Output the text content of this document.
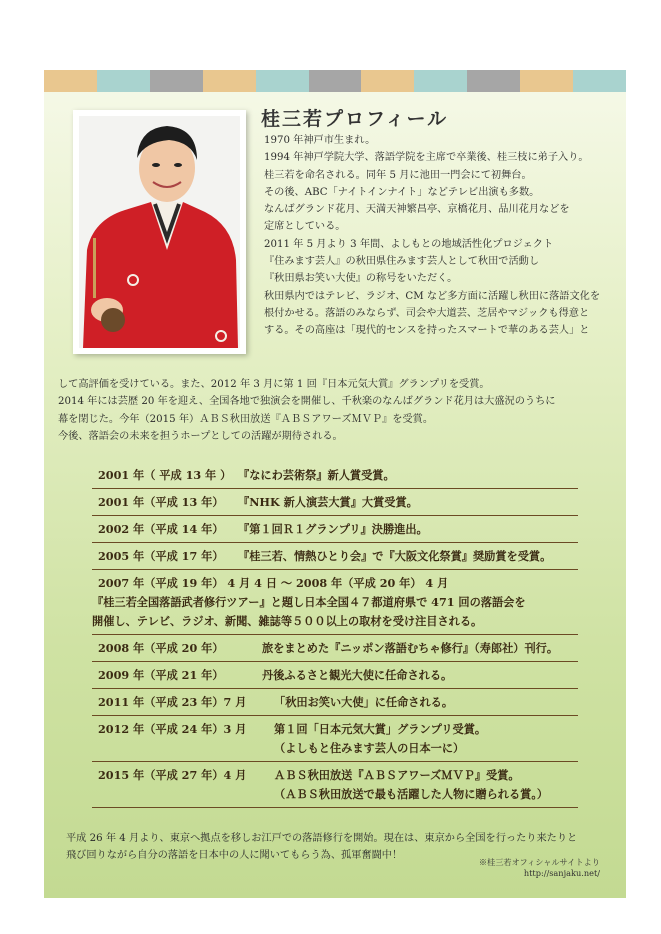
桂三若プロフィール
1970 年神戸市生まれ。
1994 年神戸学院大学、落語学院を主席で卒業後、桂三枝に弟子入り。
桂三若を命名される。同年 5 月に池田一門会にて初舞台。
その後、ABC「ナイトインナイト」などテレビ出演も多数。
なんばグランド花月、天満天神繁昌亭、京橋花月、品川花月などを
定席としている。
2011 年 5 月より 3 年間、よしもとの地域活性化プロジェクト
『住みます芸人』の秋田県住みます芸人として秋田で活動し
『秋田県お笑い大使』の称号をいただく。
秋田県内ではテレビ、ラジオ、CM など多方面に活躍し秋田に落語文化を
根付かせる。落語のみならず、司会や大道芸、芝居やマジックも得意と
する。その高座は「現代的センスを持ったスマートで華のある芸人」と
して高評価を受けている。また、2012 年 3 月に第 1 回『日本元気大賞』グランプリを受賞。
2014 年には芸歴 20 年を迎え、全国各地で独演会を開催し、千秋楽のなんばグランド花月は大盛況のうちに
幕を閉じた。今年（2015 年）ＡＢＳ秋田放送『ＡＢＳアワーズＭＶＰ』を受賞。
今後、落語会の未来を担うホープとしての活躍が期待される。
2001 年（ 平成 13 年 ） 『なにわ芸術祭』新人賞受賞。
2001 年（平成 13 年） 『NHK 新人演芸大賞』大賞受賞。
2002 年（平成 14 年） 『第１回Ｒ１グランプリ』決勝進出。
2005 年（平成 17 年） 『桂三若、情熱ひとり会』で『大阪文化祭賞』奨励賞を受賞。
2007 年（平成 19 年） 4 月 4 日 ～ 2008 年（平成 20 年） 4 月
『桂三若全国落語武者修行ツアー』と題し日本全国４７都道府県で 471 回の落語会を
開催し、テレビ、ラジオ、新聞、雑誌等５００以上の取材を受け注目される。
2008 年（平成 20 年）	旅をまとめた『ニッポン落語むちゃ修行』（寿郎社）刊行。
2009 年（平成 21 年）	丹後ふるさと観光大使に任命される。
2011 年（平成 23 年）7 月 「秋田お笑い大使」に任命される。
2012 年（平成 24 年）3 月 第１回「日本元気大賞」グランプリ受賞。
（よしもと住みます芸人の日本一に）
2015 年（平成 27 年）4 月 ＡＢＳ秋田放送『ＡＢＳアワーズＭＶＰ』受賞。
（ＡＢＳ秋田放送で最も活躍した人物に贈られる賞。）
平成 26 年 4 月より、東京へ拠点を移しお江戸での落語修行を開始。現在は、東京から全国を行ったり来たりと
飛び回りながら自分の落語を日本中の人に聞いてもらう為、孤軍奮闘中！
※桂三若オフィシャルサイトより
http://sanjaku.net/
